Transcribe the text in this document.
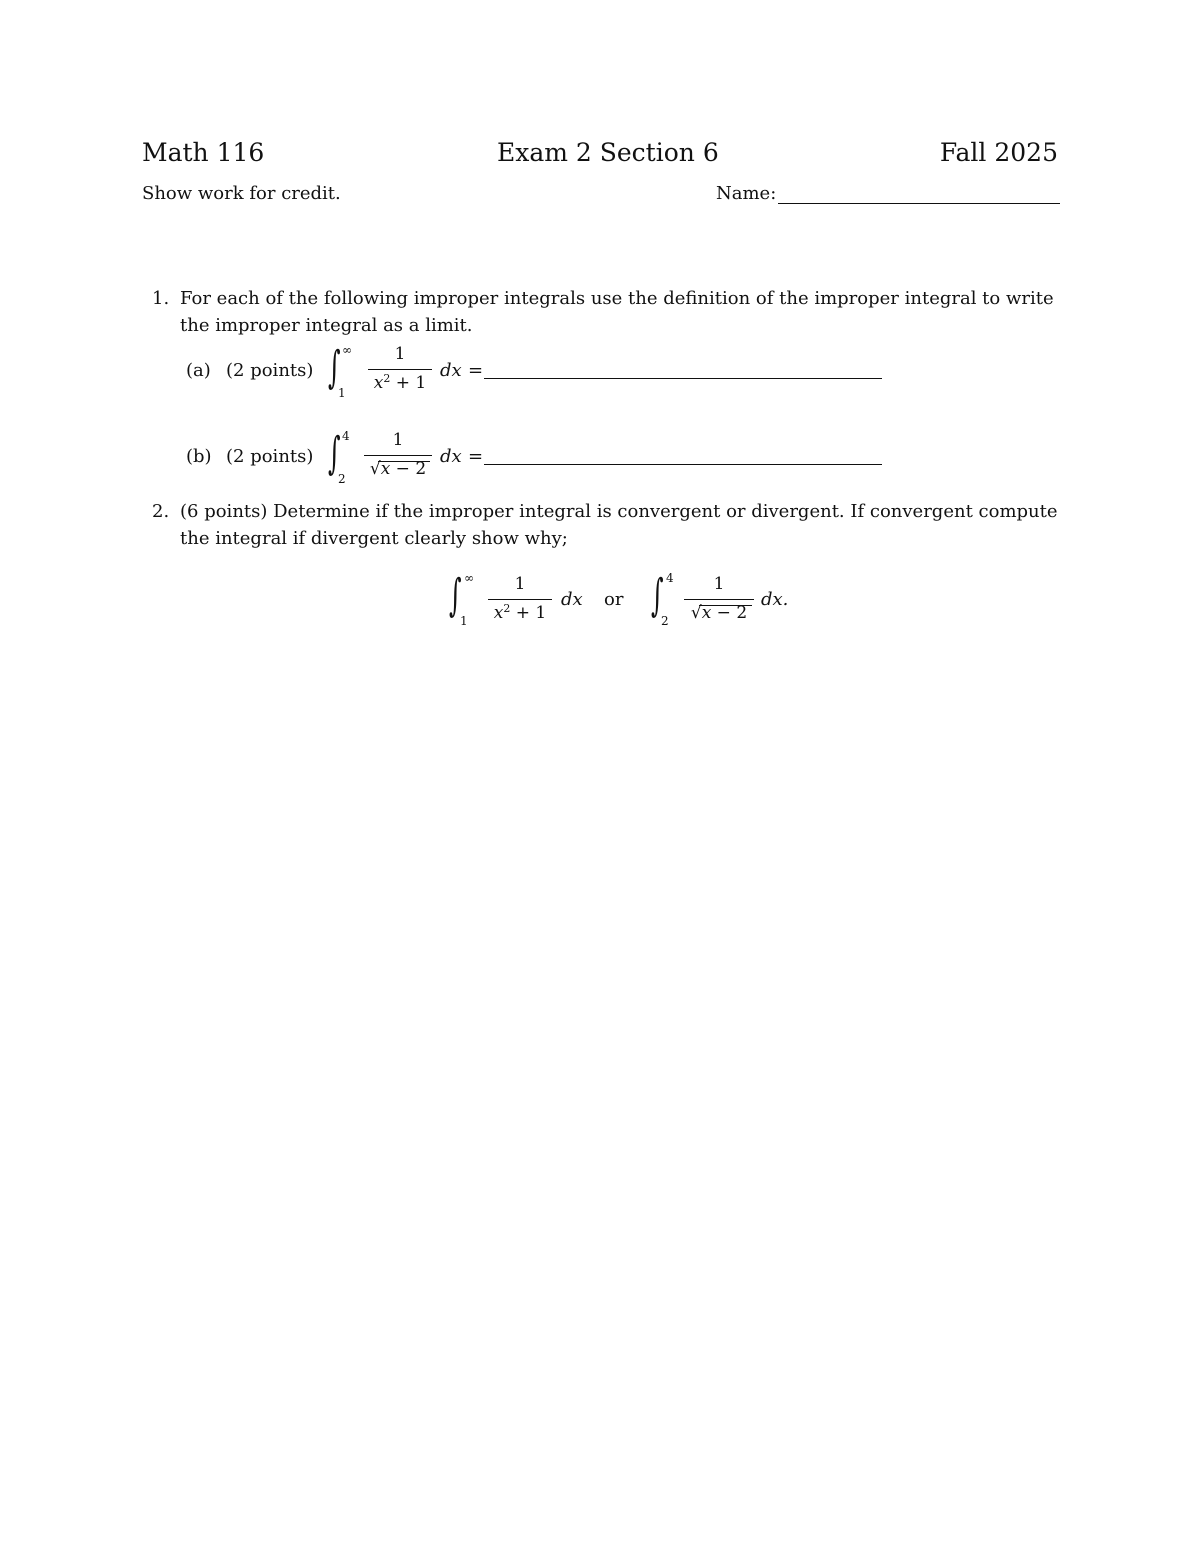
Math 116	Exam 2 Section 6	Fall 2025
Show work for credit.	Name:
1. For each of the following improper integrals use the definition of the improper integral to write
the improper integral as a limit.
(a) (2 points) ∫ ∞
1
1
$x^2 + 1$
dx =
(b) (2 points) ∫ 4
2
1
√x − 2
dx =
2. (6 points) Determine if the improper integral is convergent or divergent. If convergent compute
the integral if divergent clearly show why;
∫ ∞
1
1
$x^2 + 1$
dx or ∫ 4
2
1
√x − 2
dx.
